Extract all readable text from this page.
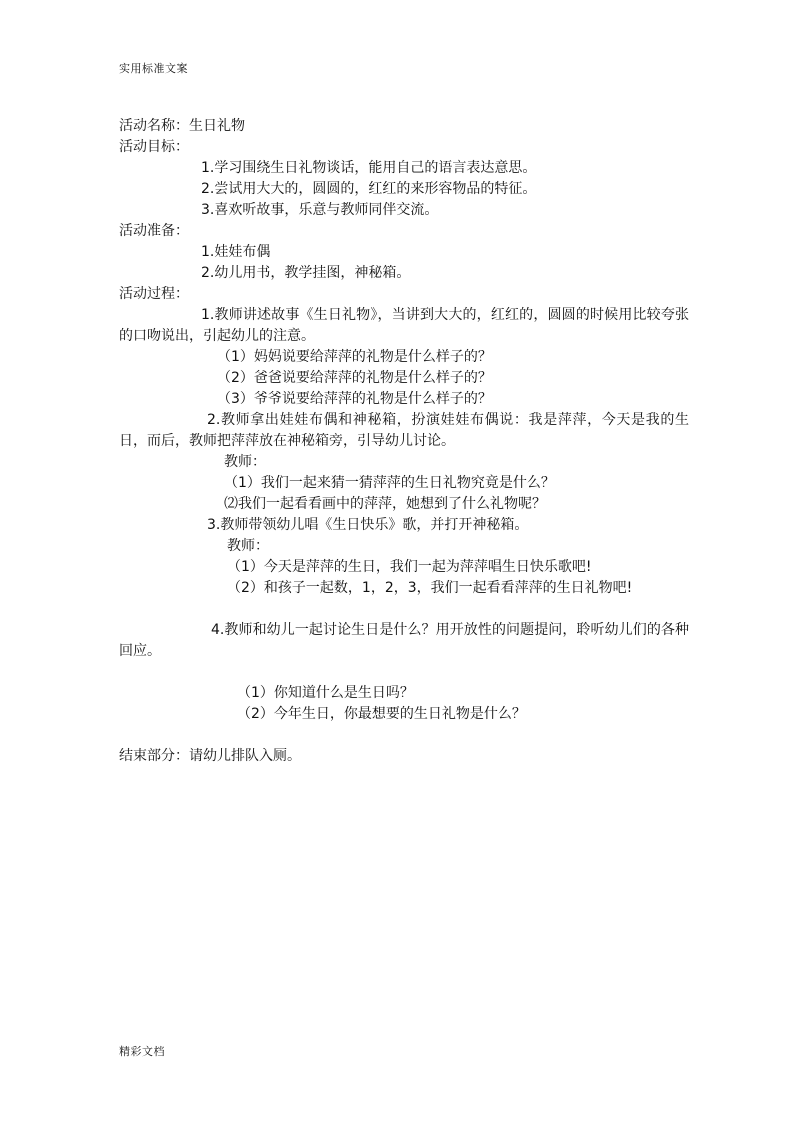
实用标准文案
活动名称：生日礼物
活动目标：
1.学习围绕生日礼物谈话，能用自己的语言表达意思。
2.尝试用大大的，圆圆的，红红的来形容物品的特征。
3.喜欢听故事，乐意与教师同伴交流。
活动准备：
1.娃娃布偶
2.幼儿用书，教学挂图，神秘箱。
活动过程：
1.教师讲述故事《生日礼物》，当讲到大大的，红红的，圆圆的时候用比较夸张的口吻说出，引起幼儿的注意。
（1）妈妈说要给萍萍的礼物是什么样子的？
（2）爸爸说要给萍萍的礼物是什么样子的？
（3）爷爷说要给萍萍的礼物是什么样子的？
2.教师拿出娃娃布偶和神秘箱，扮演娃娃布偶说：我是萍萍，今天是我的生日，而后，教师把萍萍放在神秘箱旁，引导幼儿讨论。
教师：
（1）我们一起来猜一猜萍萍的生日礼物究竟是什么？
⑵我们一起看看画中的萍萍，她想到了什么礼物呢？
3.教师带领幼儿唱《生日快乐》歌，并打开神秘箱。
教师：
（1）今天是萍萍的生日，我们一起为萍萍唱生日快乐歌吧!
（2）和孩子一起数，1，2，3，我们一起看看萍萍的生日礼物吧!
4.教师和幼儿一起讨论生日是什么？用开放性的问题提问，聆听幼儿们的各种回应。
（1）你知道什么是生日吗？
（2）今年生日，你最想要的生日礼物是什么？
结束部分：请幼儿排队入厕。
精彩文档
